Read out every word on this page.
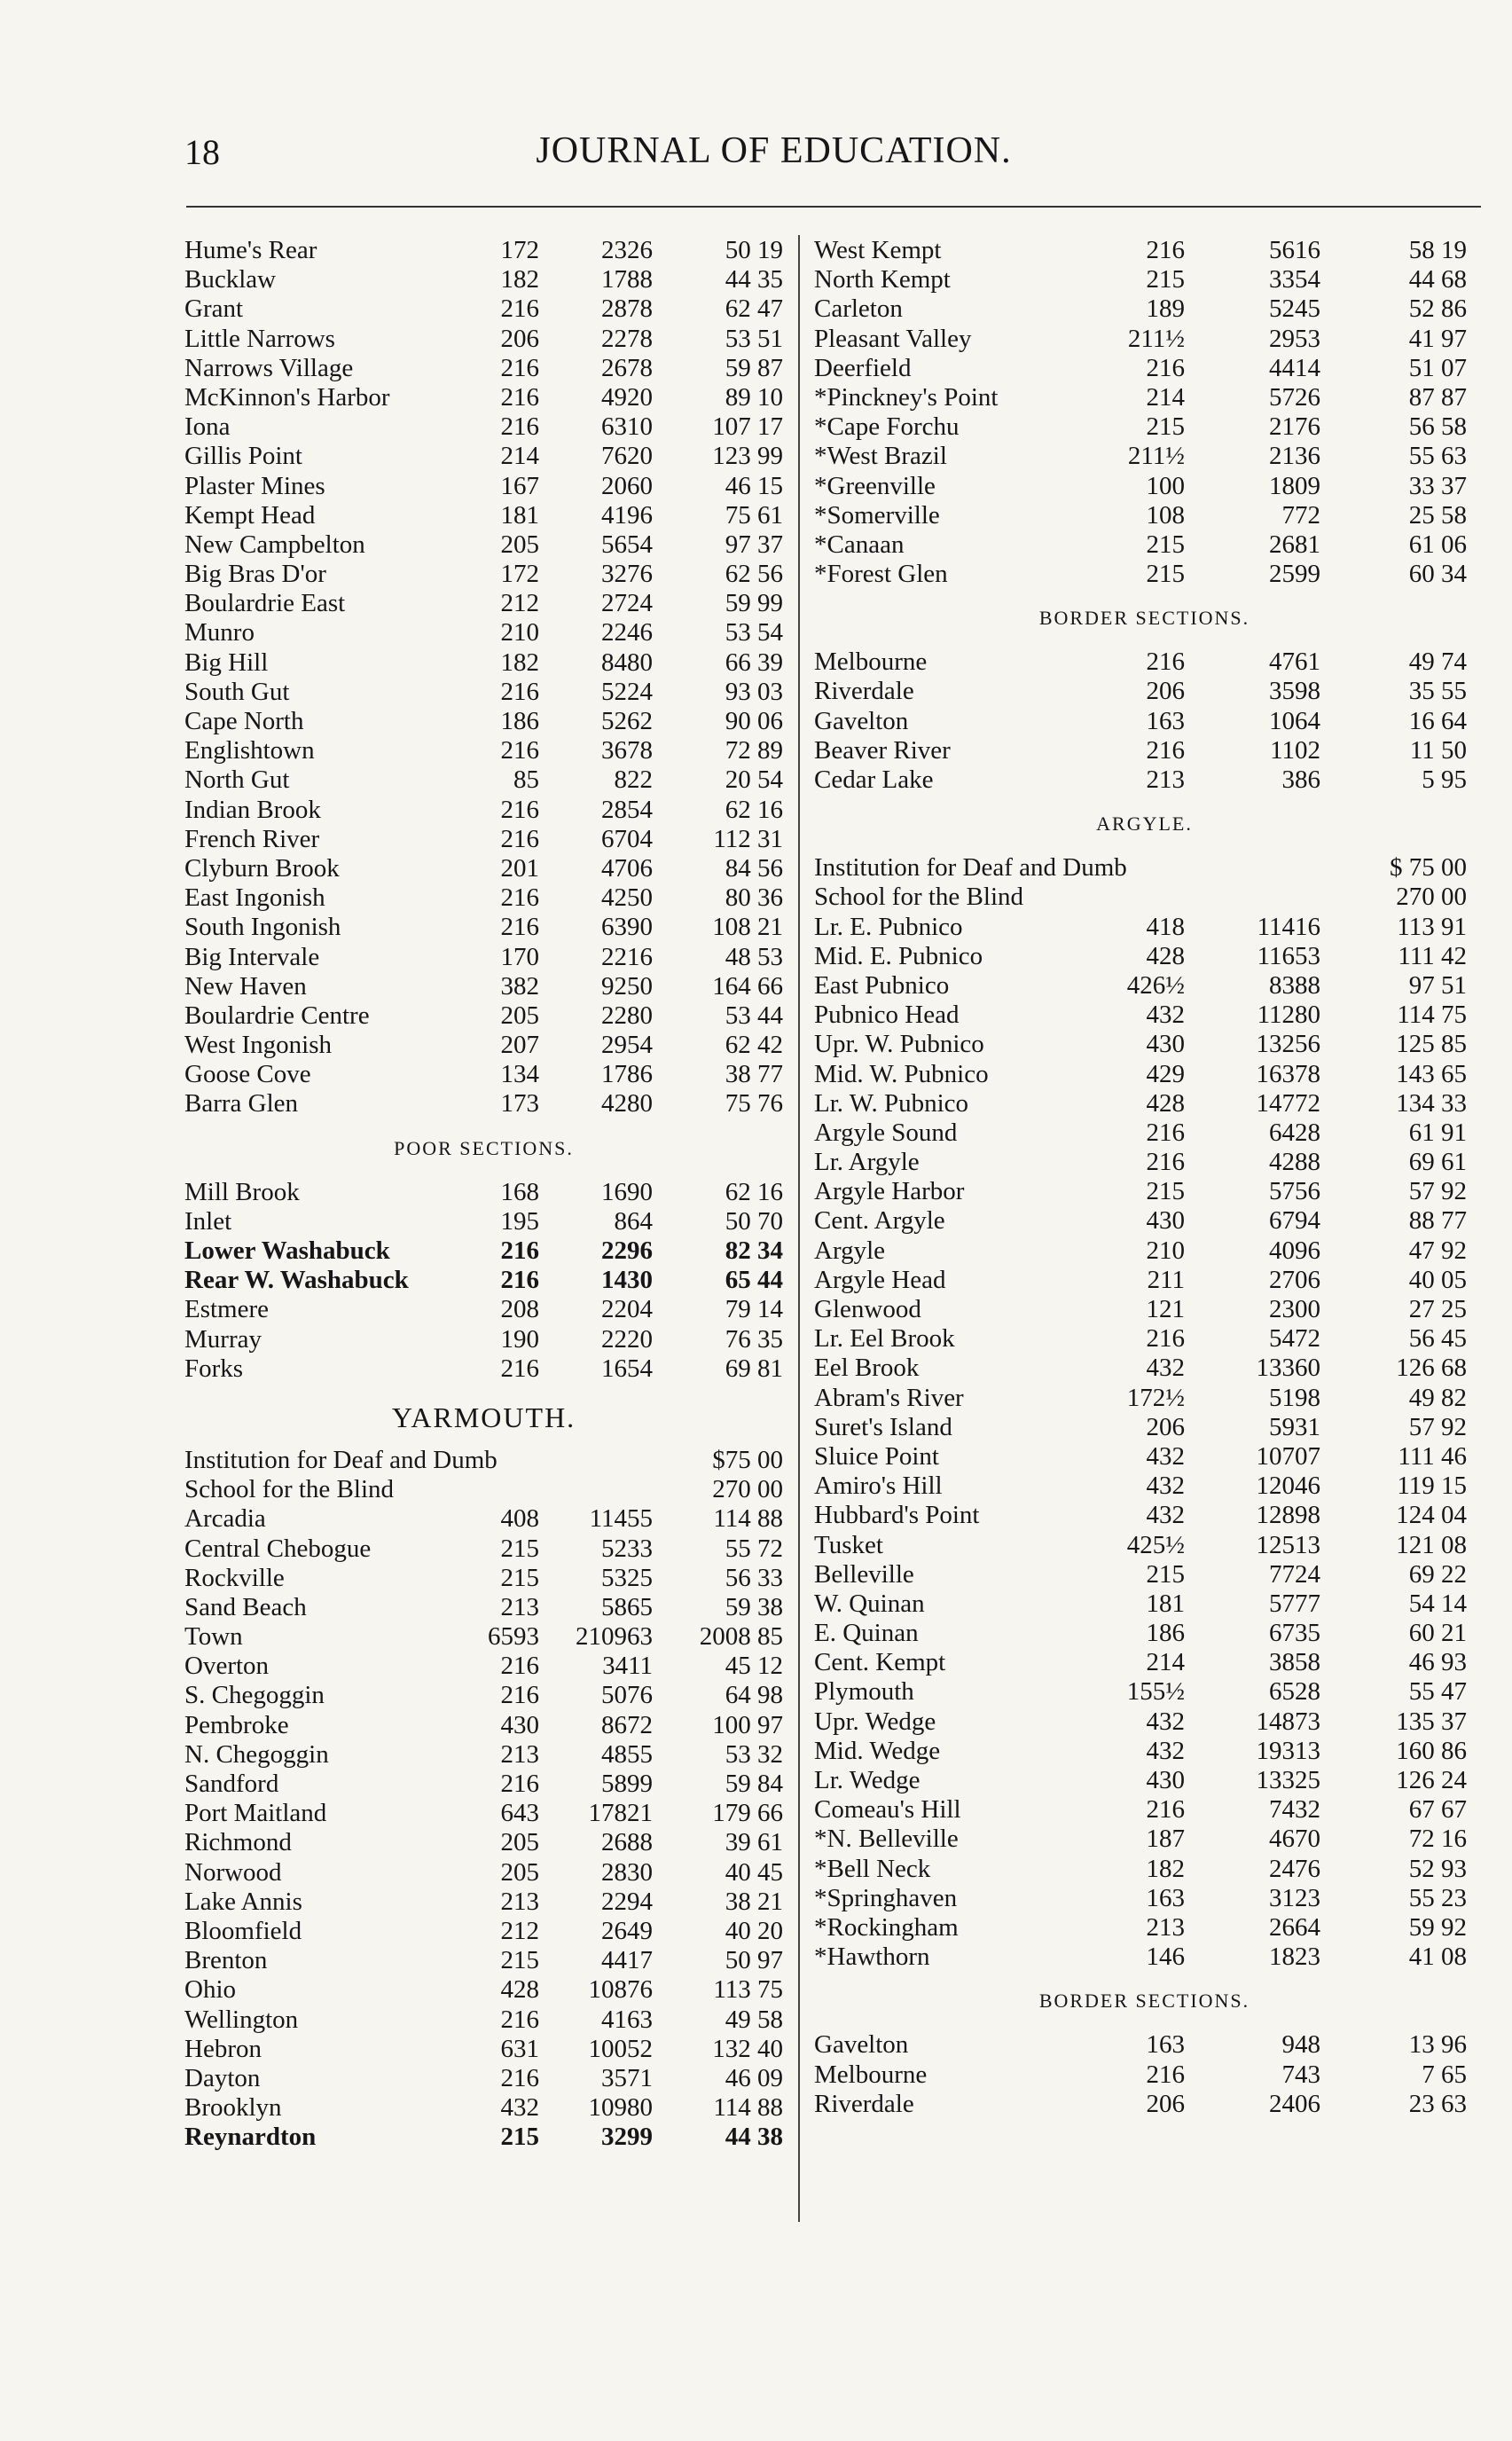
18	JOURNAL OF EDUCATION.
Hume's Rear	172	2326	50 19
Bucklaw	182	1788	44 35
Grant	216	2878	62 47
Little Narrows	206	2278	53 51
Narrows Village	216	2678	59 87
McKinnon's Harbor	216	4920	89 10
Iona	216	6310	107 17
Gillis Point	214	7620	123 99
Plaster Mines	167	2060	46 15
Kempt Head	181	4196	75 61
New Campbelton	205	5654	97 37
Big Bras D'or	172	3276	62 56
Boulardrie East	212	2724	59 99
Munro	210	2246	53 54
Big Hill	182	8480	66 39
South Gut	216	5224	93 03
Cape North	186	5262	90 06
Englishtown	216	3678	72 89
North Gut	85	822	20 54
Indian Brook	216	2854	62 16
French River	216	6704	112 31
Clyburn Brook	201	4706	84 56
East Ingonish	216	4250	80 36
South Ingonish	216	6390	108 21
Big Intervale	170	2216	48 53
New Haven	382	9250	164 66
Boulardrie Centre	205	2280	53 44
West Ingonish	207	2954	62 42
Goose Cove	134	1786	38 77
Barra Glen	173	4280	75 76
POOR SECTIONS.
Mill Brook	168	1690	62 16
Inlet	195	864	50 70
Lower Washabuck	216	2296	82 34
Rear W. Washabuck	216	1430	65 44
Estmere	208	2204	79 14
Murray	190	2220	76 35
Forks	216	1654	69 81
YARMOUTH.
Institution for Deaf and Dumb	$75 00
School for the Blind	270 00
Arcadia	408	11455	114 88
Central Chebogue	215	5233	55 72
Rockville	215	5325	56 33
Sand Beach	213	5865	59 38
Town	6593	210963	2008 85
Overton	216	3411	45 12
S. Chegoggin	216	5076	64 98
Pembroke	430	8672	100 97
N. Chegoggin	213	4855	53 32
Sandford	216	5899	59 84
Port Maitland	643	17821	179 66
Richmond	205	2688	39 61
Norwood	205	2830	40 45
Lake Annis	213	2294	38 21
Bloomfield	212	2649	40 20
Brenton	215	4417	50 97
Ohio	428	10876	113 75
Wellington	216	4163	49 58
Hebron	631	10052	132 40
Dayton	216	3571	46 09
Brooklyn	432	10980	114 88
Reynardton	215	3299	44 38
West Kempt	216	5616	58 19
North Kempt	215	3354	44 68
Carleton	189	5245	52 86
Pleasant Valley	211½	2953	41 97
Deerfield	216	4414	51 07
*Pinckney's Point	214	5726	87 87
*Cape Forchu	215	2176	56 58
*West Brazil	211½	2136	55 63
*Greenville	100	1809	33 37
*Somerville	108	772	25 58
*Canaan	215	2681	61 06
*Forest Glen	215	2599	60 34
BORDER SECTIONS.
Melbourne	216	4761	49 74
Riverdale	206	3598	35 55
Gavelton	163	1064	16 64
Beaver River	216	1102	11 50
Cedar Lake	213	386	5 95
ARGYLE.
Institution for Deaf and Dumb	$ 75 00
School for the Blind	270 00
Lr. E. Pubnico	418	11416	113 91
Mid. E. Pubnico	428	11653	111 42
East Pubnico	426½	8388	97 51
Pubnico Head	432	11280	114 75
Upr. W. Pubnico	430	13256	125 85
Mid. W. Pubnico	429	16378	143 65
Lr. W. Pubnico	428	14772	134 33
Argyle Sound	216	6428	61 91
Lr. Argyle	216	4288	69 61
Argyle Harbor	215	5756	57 92
Cent. Argyle	430	6794	88 77
Argyle	210	4096	47 92
Argyle Head	211	2706	40 05
Glenwood	121	2300	27 25
Lr. Eel Brook	216	5472	56 45
Eel Brook	432	13360	126 68
Abram's River	172½	5198	49 82
Suret's Island	206	5931	57 92
Sluice Point	432	10707	111 46
Amiro's Hill	432	12046	119 15
Hubbard's Point	432	12898	124 04
Tusket	425½	12513	121 08
Belleville	215	7724	69 22
W. Quinan	181	5777	54 14
E. Quinan	186	6735	60 21
Cent. Kempt	214	3858	46 93
Plymouth	155½	6528	55 47
Upr. Wedge	432	14873	135 37
Mid. Wedge	432	19313	160 86
Lr. Wedge	430	13325	126 24
Comeau's Hill	216	7432	67 67
*N. Belleville	187	4670	72 16
*Bell Neck	182	2476	52 93
*Springhaven	163	3123	55 23
*Rockingham	213	2664	59 92
*Hawthorn	146	1823	41 08
BORDER SECTIONS.
Gavelton	163	948	13 96
Melbourne	216	743	7 65
Riverdale	206	2406	23 63
